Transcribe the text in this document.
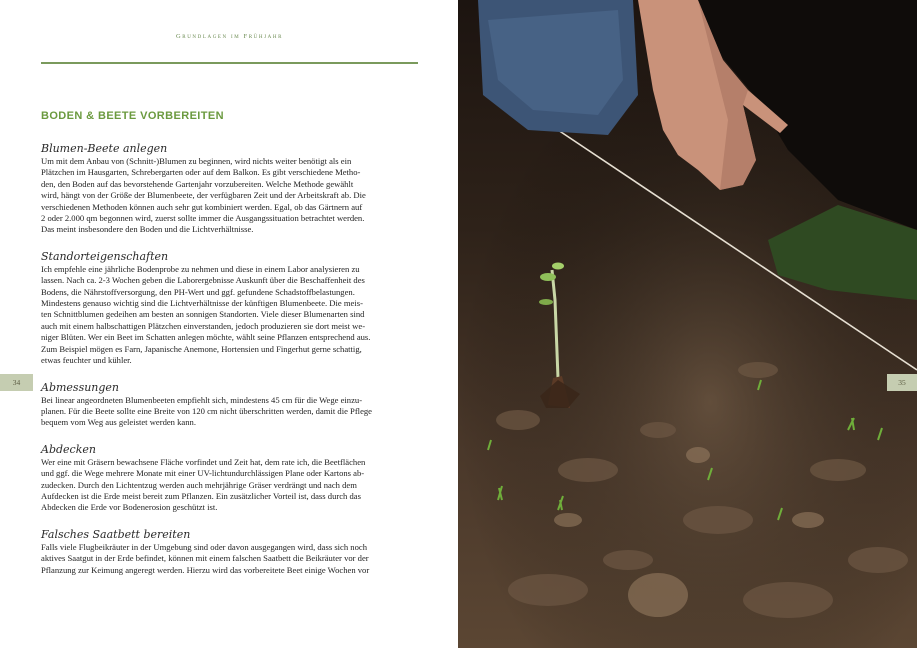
Grundlagen im Frühjahr
BODEN & BEETE VORBEREITEN
Blumen-Beete anlegen
Um mit dem Anbau von (Schnitt-)Blumen zu beginnen, wird nichts weiter benötigt als ein
Plätzchen im Hausgarten, Schrebergarten oder auf dem Balkon. Es gibt verschiedene Metho-
den, den Boden auf das bevorstehende Gartenjahr vorzubereiten. Welche Methode gewählt
wird, hängt von der Größe der Blumenbeete, der verfügbaren Zeit und der Arbeitskraft ab. Die
verschiedenen Methoden können auch sehr gut kombiniert werden. Egal, ob das Gärtnern auf
2 oder 2.000 qm begonnen wird, zuerst sollte immer die Ausgangssituation betrachtet werden.
Das meint insbesondere den Boden und die Lichtverhältnisse.
Standorteigenschaften
Ich empfehle eine jährliche Bodenprobe zu nehmen und diese in einem Labor analysieren zu
lassen. Nach ca. 2-3 Wochen geben die Laborergebnisse Auskunft über die Beschaffenheit des
Bodens, die Nährstoffversorgung, den PH-Wert und ggf. gefundene Schadstoffbelastungen.
Mindestens genauso wichtig sind die Lichtverhältnisse der künftigen Blumenbeete. Die meis-
ten Schnittblumen gedeihen am besten an sonnigen Standorten. Viele dieser Blumenarten sind
auch mit einem halbschattigen Plätzchen einverstanden, jedoch produzieren sie dort meist we-
niger Blüten. Wer ein Beet im Schatten anlegen möchte, wählt seine Pflanzen entsprechend aus.
Zum Beispiel mögen es Farn, Japanische Anemone, Hortensien und Fingerhut gerne schattig,
etwas feuchter und kühler.
Abmessungen
Bei linear angeordneten Blumenbeeten empfiehlt sich, mindestens 45 cm für die Wege einzu-
planen. Für die Beete sollte eine Breite von 120 cm nicht überschritten werden, damit die Pflege
bequem vom Weg aus geleistet werden kann.
Abdecken
Wer eine mit Gräsern bewachsene Fläche vorfindet und Zeit hat, dem rate ich, die Beetflächen
und ggf. die Wege mehrere Monate mit einer UV-lichtundurchlässigen Plane oder Kartons ab-
zudecken. Durch den Lichtentzug werden auch mehrjährige Gräser verdrängt und nach dem
Aufdecken ist die Erde meist bereit zum Pflanzen. Ein zusätzlicher Vorteil ist, dass durch das
Abdecken die Erde vor Bodenerosion geschützt ist.
Falsches Saatbett bereiten
Falls viele Flugbeikräuter in der Umgebung sind oder davon ausgegangen wird, dass sich noch
aktives Saatgut in der Erde befindet, können mit einem falschen Saatbett die Beikräuter vor der
Pflanzung zur Keimung angeregt werden. Hierzu wird das vorbereitete Beet einige Wochen vor
34	35
